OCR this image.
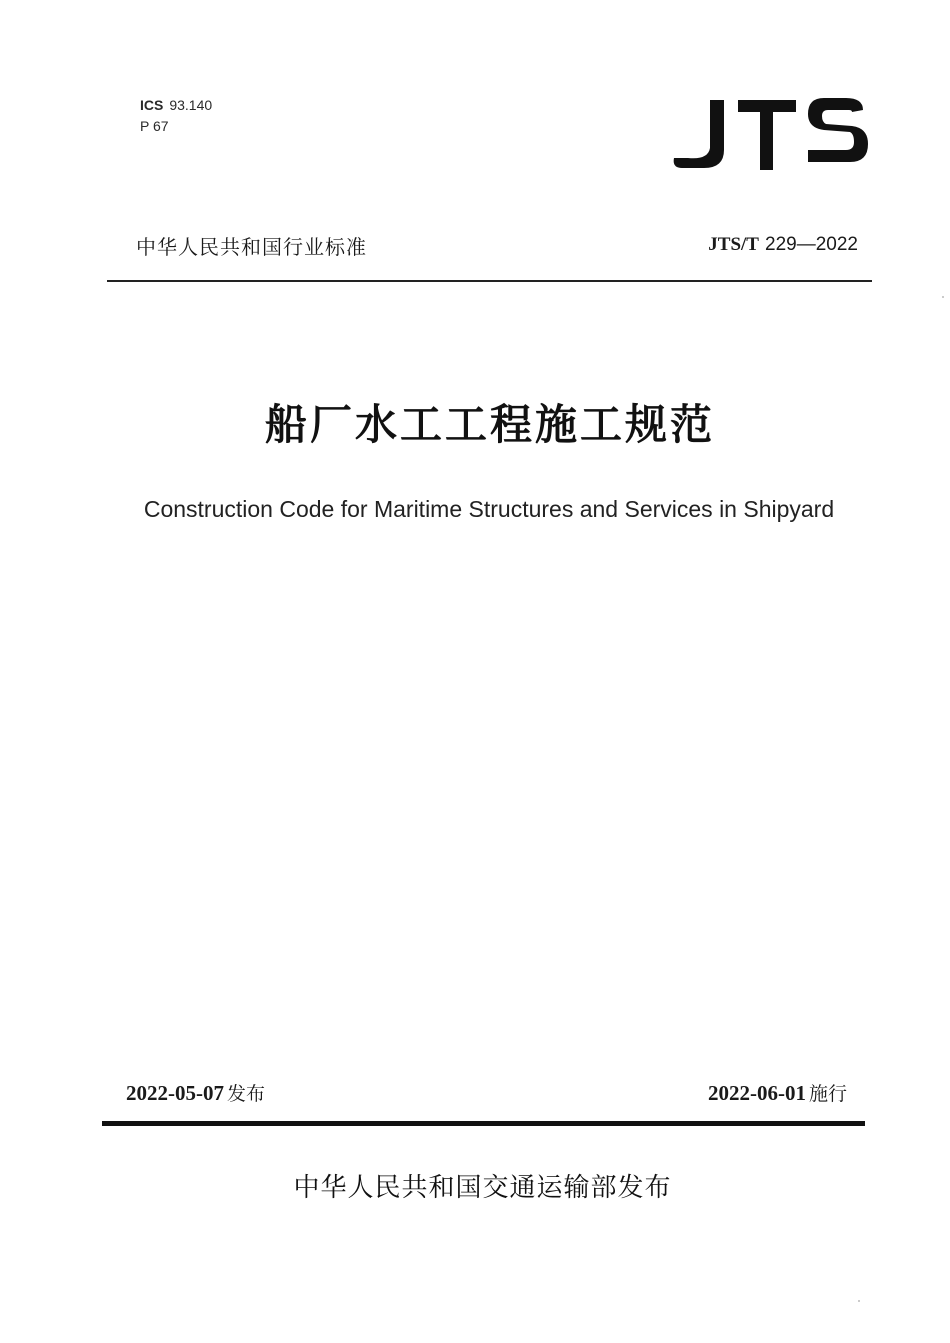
ICS 93.140
P 67
中华人民共和国行业标准	JTS/T 229—2022
船厂水工工程施工规范
Construction Code for Maritime Structures and Services in Shipyard
2022-05-07 发布	2022-06-01 施行
中华人民共和国交通运输部发布
